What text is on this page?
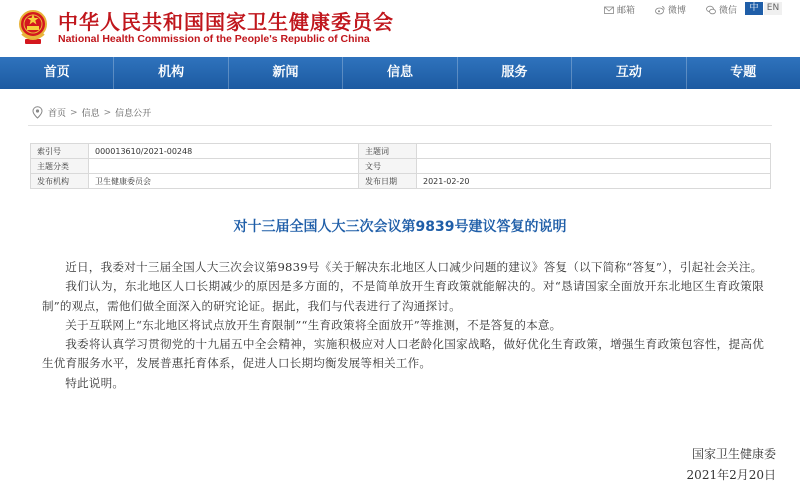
中华人民共和国国家卫生健康委员会
National Health Commission of the People's Republic of China
邮箱	微博	微信	中 EN
首页	机构	新闻	信息	服务	互动	专题
首页 > 信息 > 信息公开
索引号	000013610/2021-00248	主题词	
主题分类		文号	
发布机构	卫生健康委员会	发布日期	2021-02-20
对十三届全国人大三次会议第9839号建议答复的说明

近日，我委对十三届全国人大三次会议第9839号《关于解决东北地区人口减少问题的建议》答复（以下简称“答复”），引起社会关注。

我们认为，东北地区人口长期减少的原因是多方面的，不是简单放开生育政策就能解决的。对“恳请国家全面放开东北地区生育政策限制”的观点，需他们做全面深入的研究论证。据此，我们与代表进行了沟通探讨。

关于互联网上“东北地区将试点放开生育限制”“生育政策将全面放开”等推测，不是答复的本意。

我委将认真学习贯彻党的十九届五中全会精神，实施积极应对人口老龄化国家战略，做好优化生育政策，增强生育政策包容性，提高优生优育服务水平，发展普惠托育体系，促进人口长期均衡发展等相关工作。

特此说明。

国家卫生健康委
2021年2月20日
